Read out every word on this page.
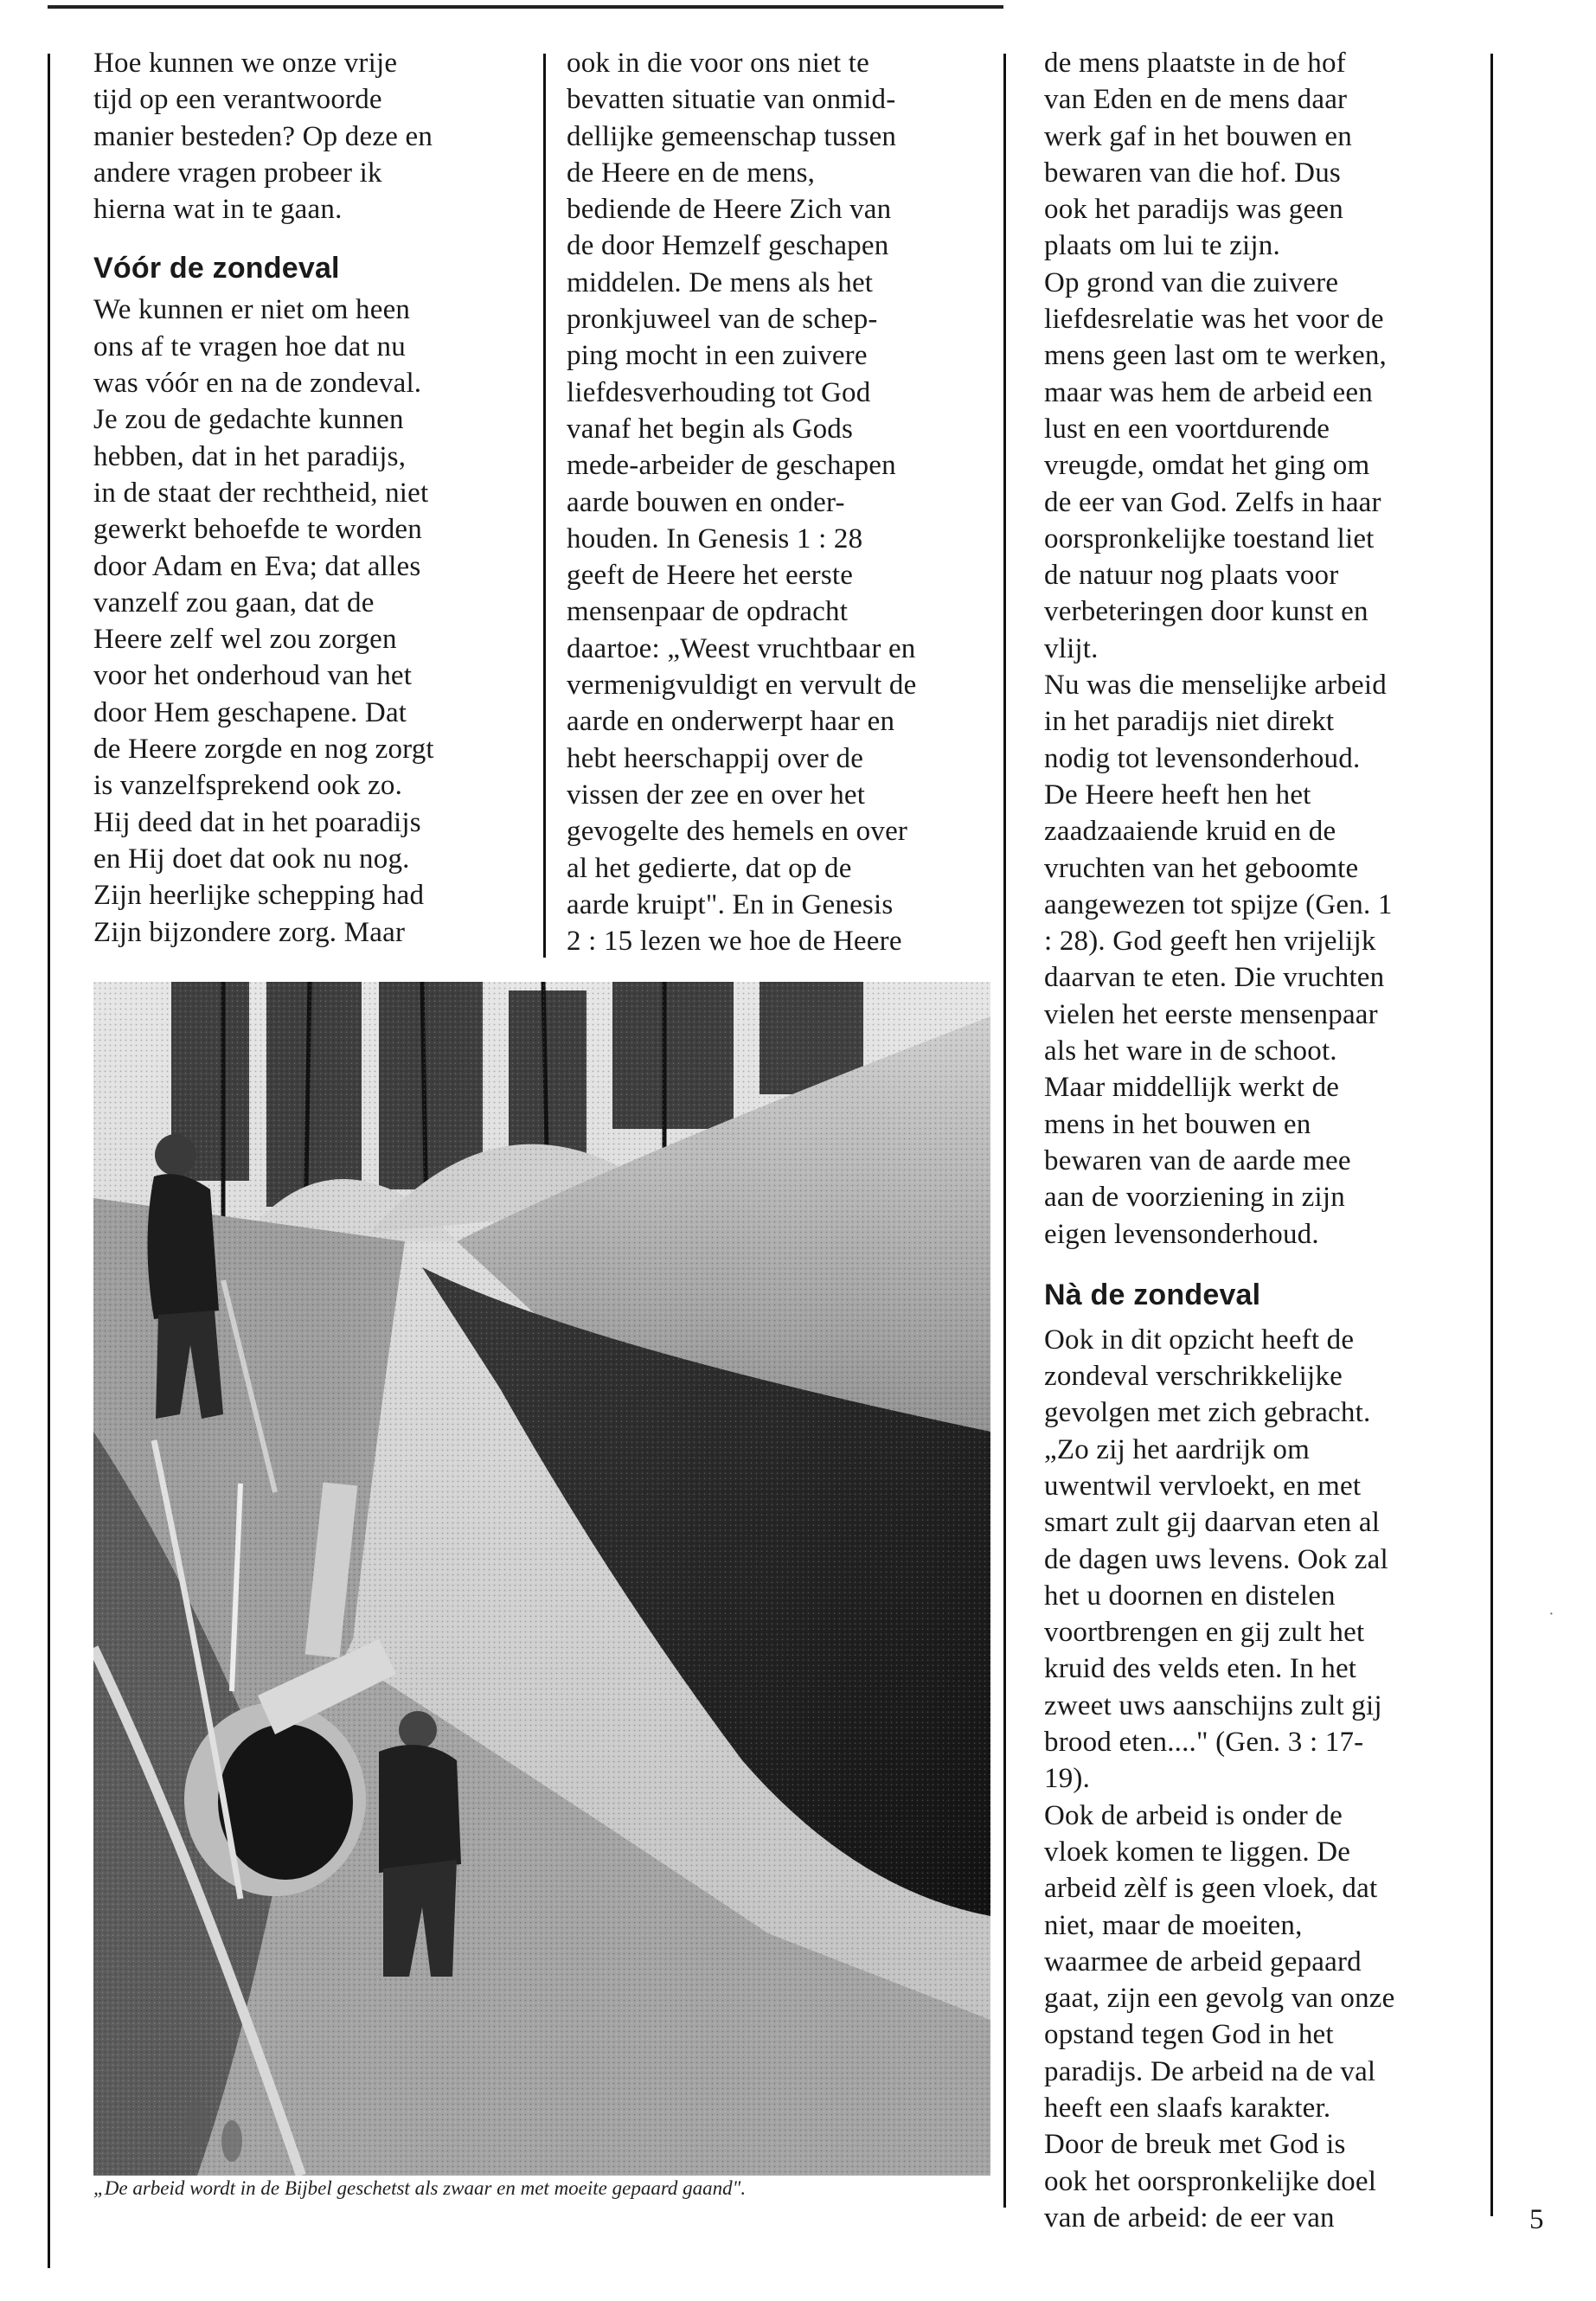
Hoe kunnen we onze vrije
tijd op een verantwoorde
manier besteden? Op deze en
andere vragen probeer ik
hierna wat in te gaan.

Vóór de zondeval

We kunnen er niet om heen
ons af te vragen hoe dat nu
was vóór en na de zondeval.
Je zou de gedachte kunnen
hebben, dat in het paradijs,
in de staat der rechtheid, niet
gewerkt behoefde te worden
door Adam en Eva; dat alles
vanzelf zou gaan, dat de
Heere zelf wel zou zorgen
voor het onderhoud van het
door Hem geschapene. Dat
de Heere zorgde en nog zorgt
is vanzelfsprekend ook zo.
Hij deed dat in het poaradijs
en Hij doet dat ook nu nog.
Zijn heerlijke schepping had
Zijn bijzondere zorg. Maar

ook in die voor ons niet te
bevatten situatie van onmid-
dellijke gemeenschap tussen
de Heere en de mens,
bediende de Heere Zich van
de door Hemzelf geschapen
middelen. De mens als het
pronkjuweel van de schep-
ping mocht in een zuivere
liefdesverhouding tot God
vanaf het begin als Gods
mede-arbeider de geschapen
aarde bouwen en onder-
houden. In Genesis 1 : 28
geeft de Heere het eerste
mensenpaar de opdracht
daartoe: „Weest vruchtbaar en
vermenigvuldigt en vervult de
aarde en onderwerpt haar en
hebt heerschappij over de
vissen der zee en over het
gevogelte des hemels en over
al het gedierte, dat op de
aarde kruipt". En in Genesis
2 : 15 lezen we hoe de Heere

de mens plaatste in de hof
van Eden en de mens daar
werk gaf in het bouwen en
bewaren van die hof. Dus
ook het paradijs was geen
plaats om lui te zijn.

Op grond van die zuivere
liefdesrelatie was het voor de
mens geen last om te werken,
maar was hem de arbeid een
lust en een voortdurende
vreugde, omdat het ging om
de eer van God. Zelfs in haar
oorspronkelijke toestand liet
de natuur nog plaats voor
verbeteringen door kunst en
vlijt.

Nu was die menselijke arbeid
in het paradijs niet direkt
nodig tot levensonderhoud.
De Heere heeft hen het
zaadzaaiende kruid en de
vruchten van het geboomte
aangewezen tot spijze (Gen. 1
: 28). God geeft hen vrijelijk
daarvan te eten. Die vruchten
vielen het eerste mensenpaar
als het ware in de schoot.
Maar middellijk werkt de
mens in het bouwen en
bewaren van de aarde mee
aan de voorziening in zijn
eigen levensonderhoud.

Nà de zondeval

Ook in dit opzicht heeft de
zondeval verschrikkelijke
gevolgen met zich gebracht.
„Zo zij het aardrijk om
uwentwil vervloekt, en met
smart zult gij daarvan eten al
de dagen uws levens. Ook zal
het u doornen en distelen
voortbrengen en gij zult het
kruid des velds eten. In het
zweet uws aanschijns zult gij
brood eten...." (Gen. 3 : 17-
19).

Ook de arbeid is onder de
vloek komen te liggen. De
arbeid zèlf is geen vloek, dat
niet, maar de moeiten,
waarmee de arbeid gepaard
gaat, zijn een gevolg van onze
opstand tegen God in het
paradijs. De arbeid na de val
heeft een slaafs karakter.
Door de breuk met God is
ook het oorspronkelijke doel
van de arbeid: de eer van

„De arbeid wordt in de Bijbel geschetst als zwaar en met moeite gepaard gaand".
5
·
